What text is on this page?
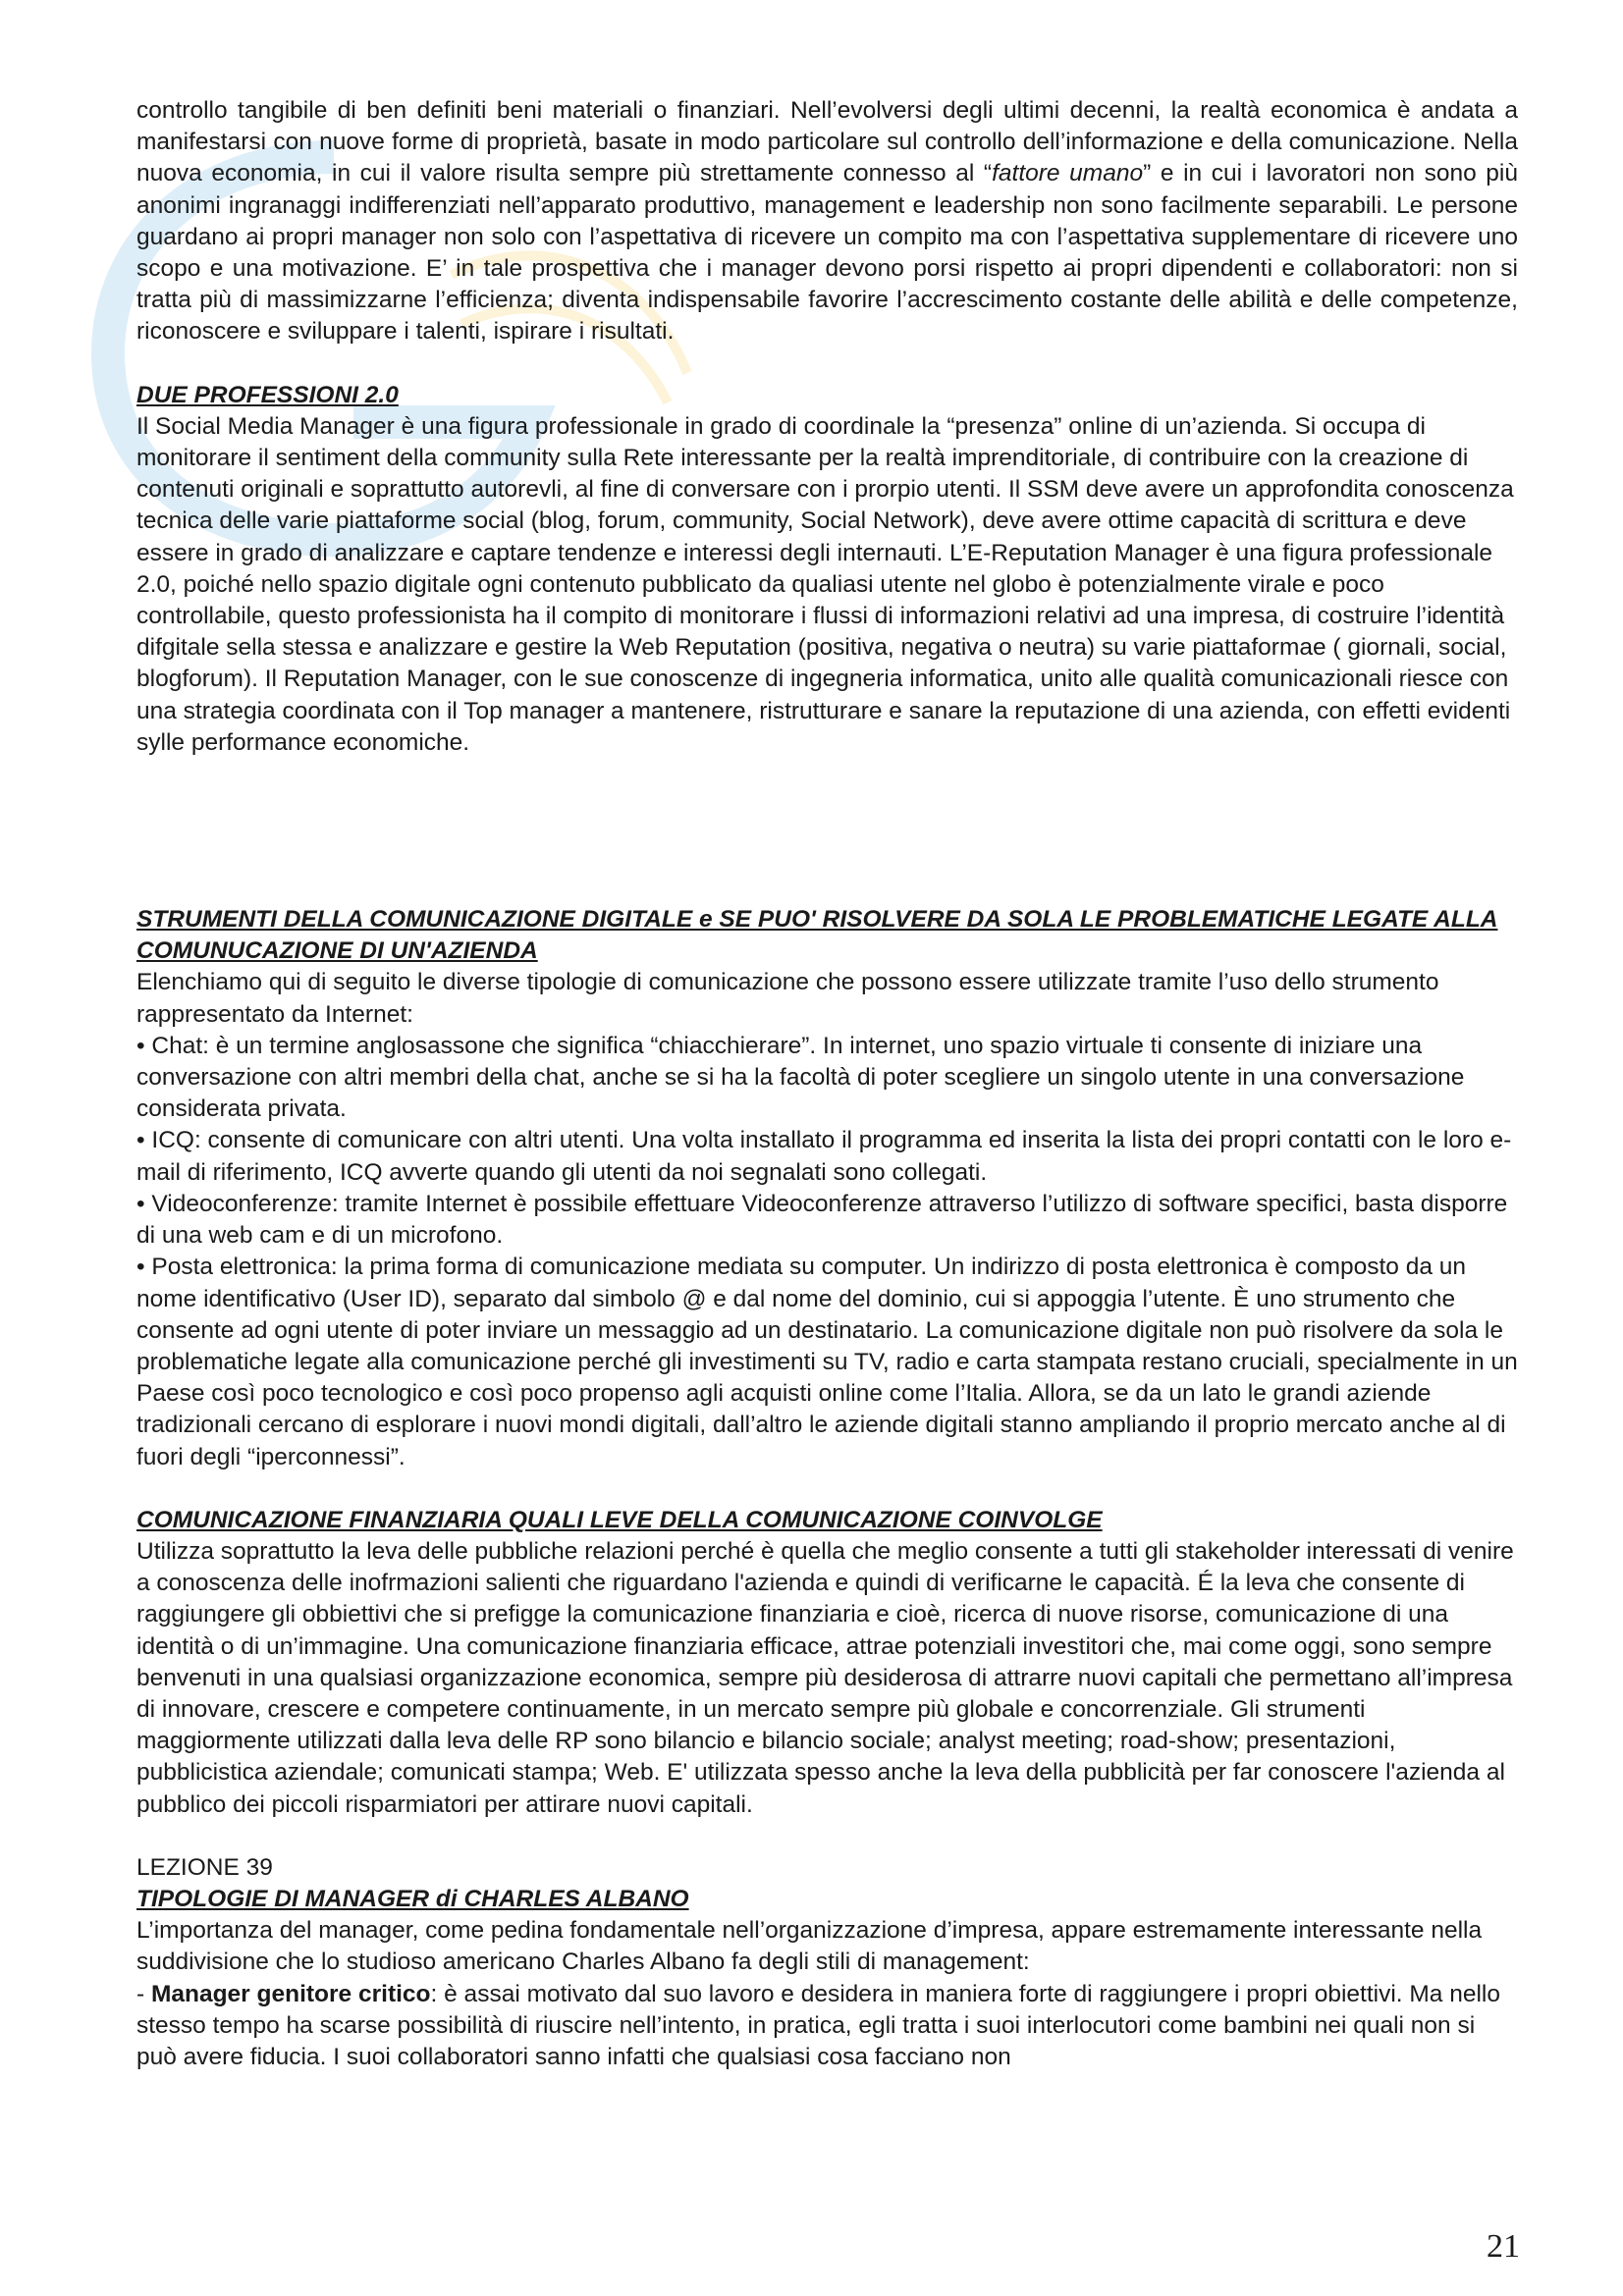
controllo tangibile di ben definiti beni materiali o finanziari. Nell’evolversi degli ultimi decenni, la realtà economica è andata a manifestarsi con nuove forme di proprietà, basate in modo particolare sul controllo dell’informazione e della comunicazione. Nella nuova economia, in cui il valore risulta sempre più strettamente connesso al “fattore umano” e in cui i lavoratori non sono più anonimi ingranaggi indifferenziati nell’apparato produttivo, management e leadership non sono facilmente separabili. Le persone guardano ai propri manager non solo con l’aspettativa di ricevere un compito ma con l’aspettativa supplementare di ricevere uno scopo e una motivazione. E’ in tale prospettiva che i manager devono porsi rispetto ai propri dipendenti e collaboratori: non si tratta più di massimizzarne l’efficienza; diventa indispensabile favorire l’accrescimento costante delle abilità e delle competenze, riconoscere e sviluppare i talenti, ispirare i risultati.

DUE PROFESSIONI 2.0

Il Social Media Manager è una figura professionale in grado di coordinale la “presenza” online di un’azienda. Si occupa di monitorare il sentiment della community sulla Rete interessante per la realtà imprenditoriale, di contribuire con la creazione di contenuti originali e soprattutto autorevli, al fine di conversare con i prorpio utenti. Il SSM deve avere un approfondita conoscenza tecnica delle varie piattaforme social (blog, forum, community, Social Network), deve avere ottime capacità di scrittura e deve essere in grado di analizzare e captare tendenze e interessi degli internauti. L’E-Reputation Manager è una figura professionale 2.0, poiché nello spazio digitale ogni contenuto pubblicato da qualiasi utente nel globo è potenzialmente virale e poco controllabile, questo professionista ha il compito di monitorare i flussi di informazioni relativi ad una impresa, di costruire l’identità difgitale sella stessa e analizzare e gestire la Web Reputation (positiva, negativa o neutra) su varie piattaformae ( giornali, social, blogforum). Il Reputation Manager, con le sue conoscenze di ingegneria informatica, unito alle qualità comunicazionali riesce con una strategia coordinata con il Top manager a mantenere, ristrutturare e sanare la reputazione di una azienda, con effetti evidenti sylle performance economiche.

STRUMENTI DELLA COMUNICAZIONE DIGITALE e SE PUO' RISOLVERE DA SOLA LE PROBLEMATICHE LEGATE ALLA COMUNUCAZIONE DI UN'AZIENDA

Elenchiamo qui di seguito le diverse tipologie di comunicazione che possono essere utilizzate tramite l’uso dello strumento rappresentato da Internet:

• Chat: è un termine anglosassone che significa “chiacchierare”. In internet, uno spazio virtuale ti consente di iniziare una conversazione con altri membri della chat, anche se si ha la facoltà di poter scegliere un singolo utente in una conversazione considerata privata.

• ICQ: consente di comunicare con altri utenti. Una volta installato il programma ed inserita la lista dei propri contatti con le loro e-mail di riferimento, ICQ avverte quando gli utenti da noi segnalati sono collegati.

• Videoconferenze: tramite Internet è possibile effettuare Videoconferenze attraverso l’utilizzo di software specifici, basta disporre di una web cam e di un microfono.

• Posta elettronica: la prima forma di comunicazione mediata su computer. Un indirizzo di posta elettronica è composto da un nome identificativo (User ID), separato dal simbolo @ e dal nome del dominio, cui si appoggia l’utente. È uno strumento che consente ad ogni utente di poter inviare un messaggio ad un destinatario. La comunicazione digitale non può risolvere da sola le problematiche legate alla comunicazione perché gli investimenti su TV, radio e carta stampata restano cruciali, specialmente in un Paese così poco tecnologico e così poco propenso agli acquisti online come l’Italia. Allora, se da un lato le grandi aziende tradizionali cercano di esplorare i nuovi mondi digitali, dall’altro le aziende digitali stanno ampliando il proprio mercato anche al di fuori degli “iperconnessi”.

COMUNICAZIONE FINANZIARIA QUALI LEVE DELLA COMUNICAZIONE COINVOLGE

Utilizza soprattutto la leva delle pubbliche relazioni perché è quella che meglio consente a tutti gli stakeholder interessati di venire a conoscenza delle inofrmazioni salienti che riguardano l'azienda e quindi di verificarne le capacità. É la leva che consente di raggiungere gli obbiettivi che si prefigge la comunicazione finanziaria e cioè, ricerca di nuove risorse, comunicazione di una identità o di un’immagine. Una comunicazione finanziaria efficace, attrae potenziali investitori che, mai come oggi, sono sempre benvenuti in una qualsiasi organizzazione economica, sempre più desiderosa di attrarre nuovi capitali che permettano all’impresa di innovare, crescere e competere continuamente, in un mercato sempre più globale e concorrenziale. Gli strumenti maggiormente utilizzati dalla leva delle RP sono bilancio e bilancio sociale; analyst meeting; road-show; presentazioni, pubblicistica aziendale; comunicati stampa; Web. E' utilizzata spesso anche la leva della pubblicità per far conoscere l'azienda al pubblico dei piccoli risparmiatori per attirare nuovi capitali.

LEZIONE 39

TIPOLOGIE DI MANAGER di CHARLES ALBANO

L’importanza del manager, come pedina fondamentale nell’organizzazione d’impresa, appare estremamente interessante nella suddivisione che lo studioso americano Charles Albano fa degli stili di management:

- Manager genitore critico: è assai motivato dal suo lavoro e desidera in maniera forte di raggiungere i propri obiettivi. Ma nello stesso tempo ha scarse possibilità di riuscire nell’intento, in pratica, egli tratta i suoi interlocutori come bambini nei quali non si può avere fiducia. I suoi collaboratori sanno infatti che qualsiasi cosa facciano non

21
